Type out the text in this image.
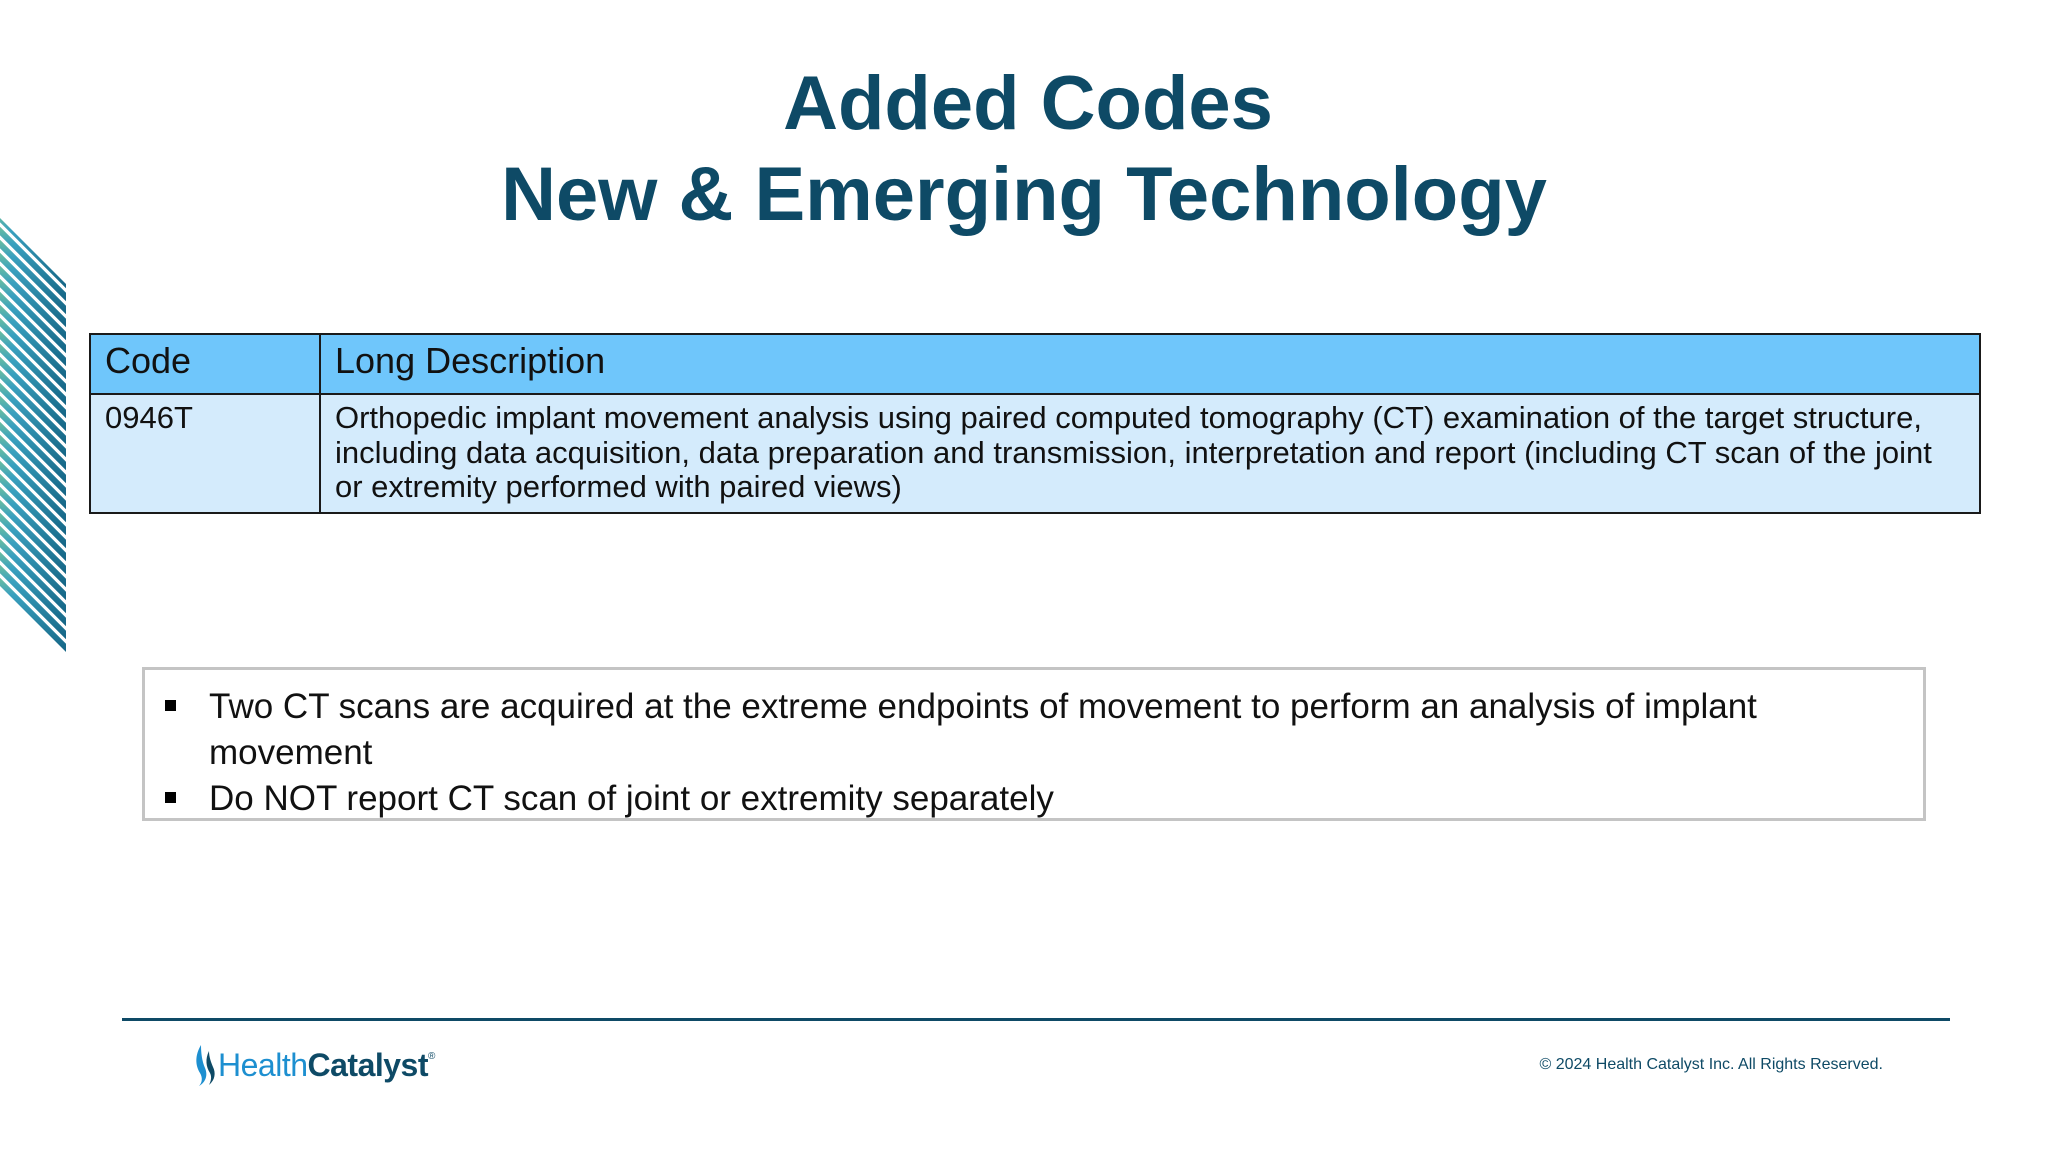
Added Codes
New & Emerging Technology
Code	Long Description
0946T	Orthopedic implant movement analysis using paired computed tomography (CT) examination of the target structure, including data acquisition, data preparation and transmission, interpretation and report (including CT scan of the joint or extremity performed with paired views)
Two CT scans are acquired at the extreme endpoints of movement to perform an analysis of implant movement
Do NOT report CT scan of joint or extremity separately
Health Catalyst ®	© 2024 Health Catalyst Inc. All Rights Reserved.
